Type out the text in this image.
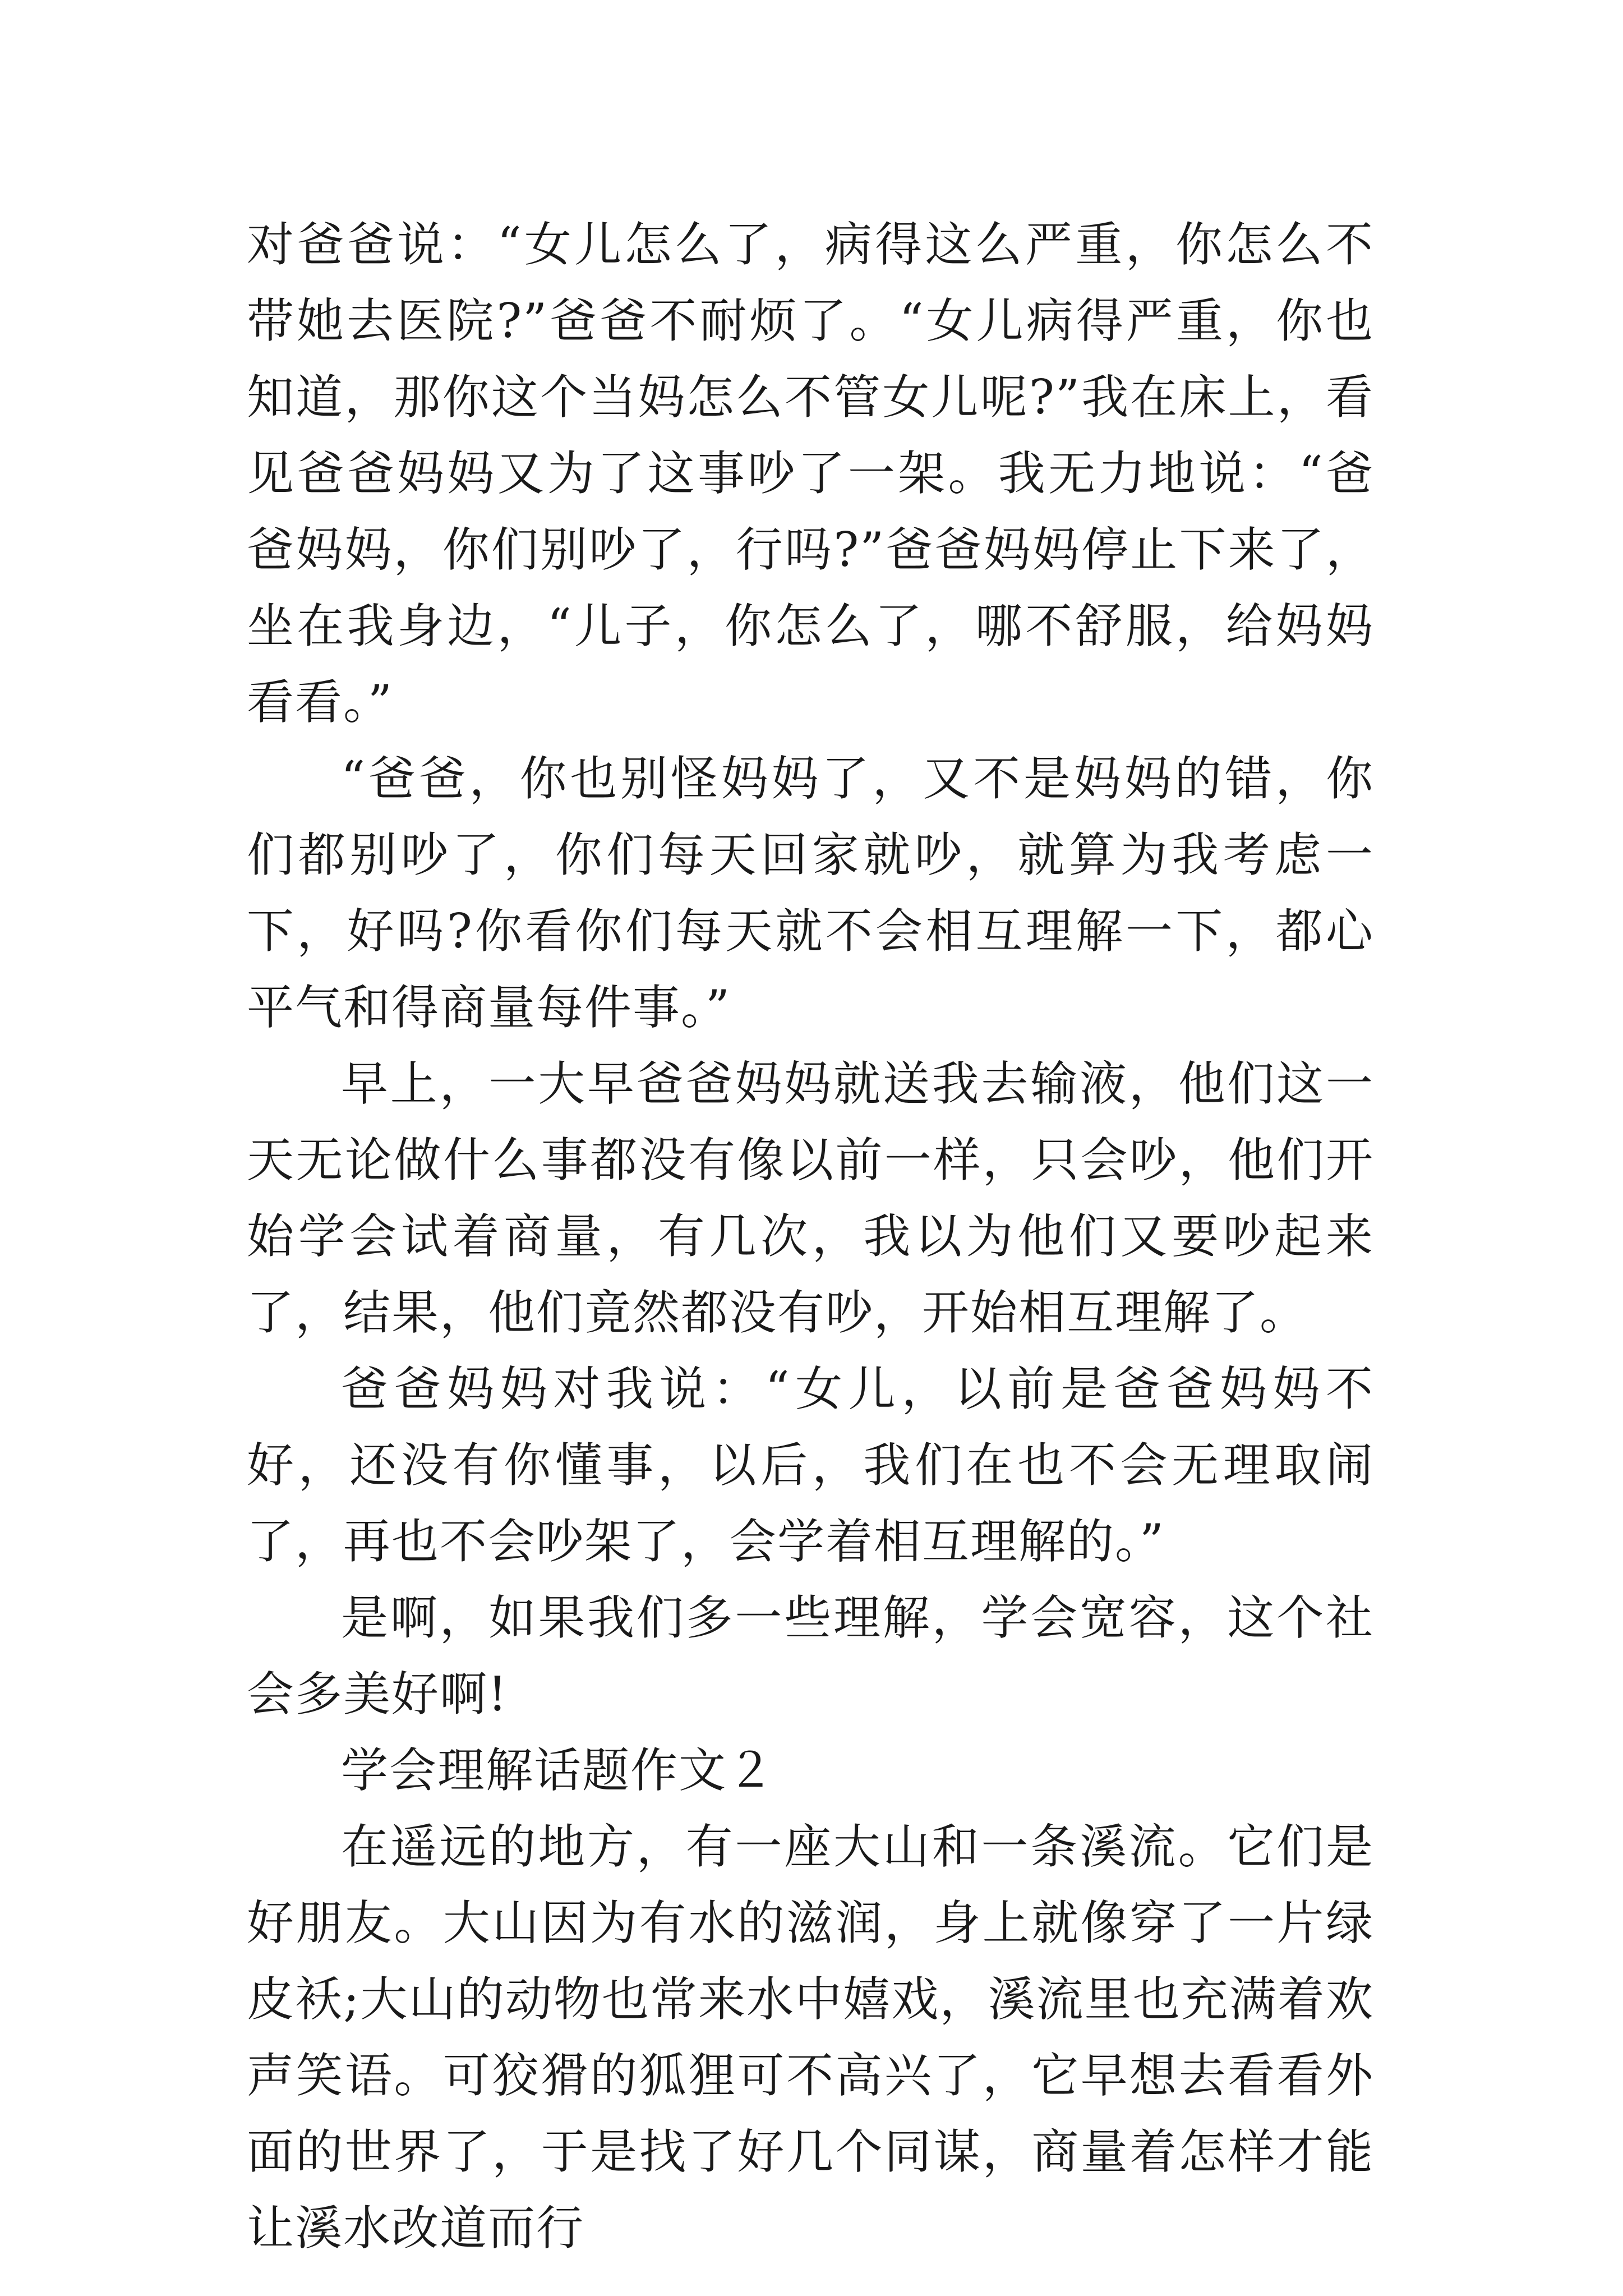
对爸爸说：“女儿怎么了，病得这么严重，你怎么不带她去医院?”爸爸不耐烦了。“女儿病得严重，你也知道，那你这个当妈怎么不管女儿呢?”我在床上，看见爸爸妈妈又为了这事吵了一架。我无力地说：“爸爸妈妈，你们别吵了，行吗?”爸爸妈妈停止下来了，坐在我身边，“儿子，你怎么了，哪不舒服，给妈妈看看。”

“爸爸，你也别怪妈妈了，又不是妈妈的错，你们都别吵了，你们每天回家就吵，就算为我考虑一下，好吗?你看你们每天就不会相互理解一下，都心平气和得商量每件事。”

早上，一大早爸爸妈妈就送我去输液，他们这一天无论做什么事都没有像以前一样，只会吵，他们开始学会试着商量，有几次，我以为他们又要吵起来了，结果，他们竟然都没有吵，开始相互理解了。

爸爸妈妈对我说：“女儿，以前是爸爸妈妈不好，还没有你懂事，以后，我们在也不会无理取闹了，再也不会吵架了，会学着相互理解的。”

是啊，如果我们多一些理解，学会宽容，这个社会多美好啊!

学会理解话题作文２

在遥远的地方，有一座大山和一条溪流。它们是好朋友。大山因为有水的滋润，身上就像穿了一片绿皮袄;大山的动物也常来水中嬉戏，溪流里也充满着欢声笑语。可狡猾的狐狸可不高兴了，它早想去看看外面的世界了，于是找了好几个同谋，商量着怎样才能让溪水改道而行
